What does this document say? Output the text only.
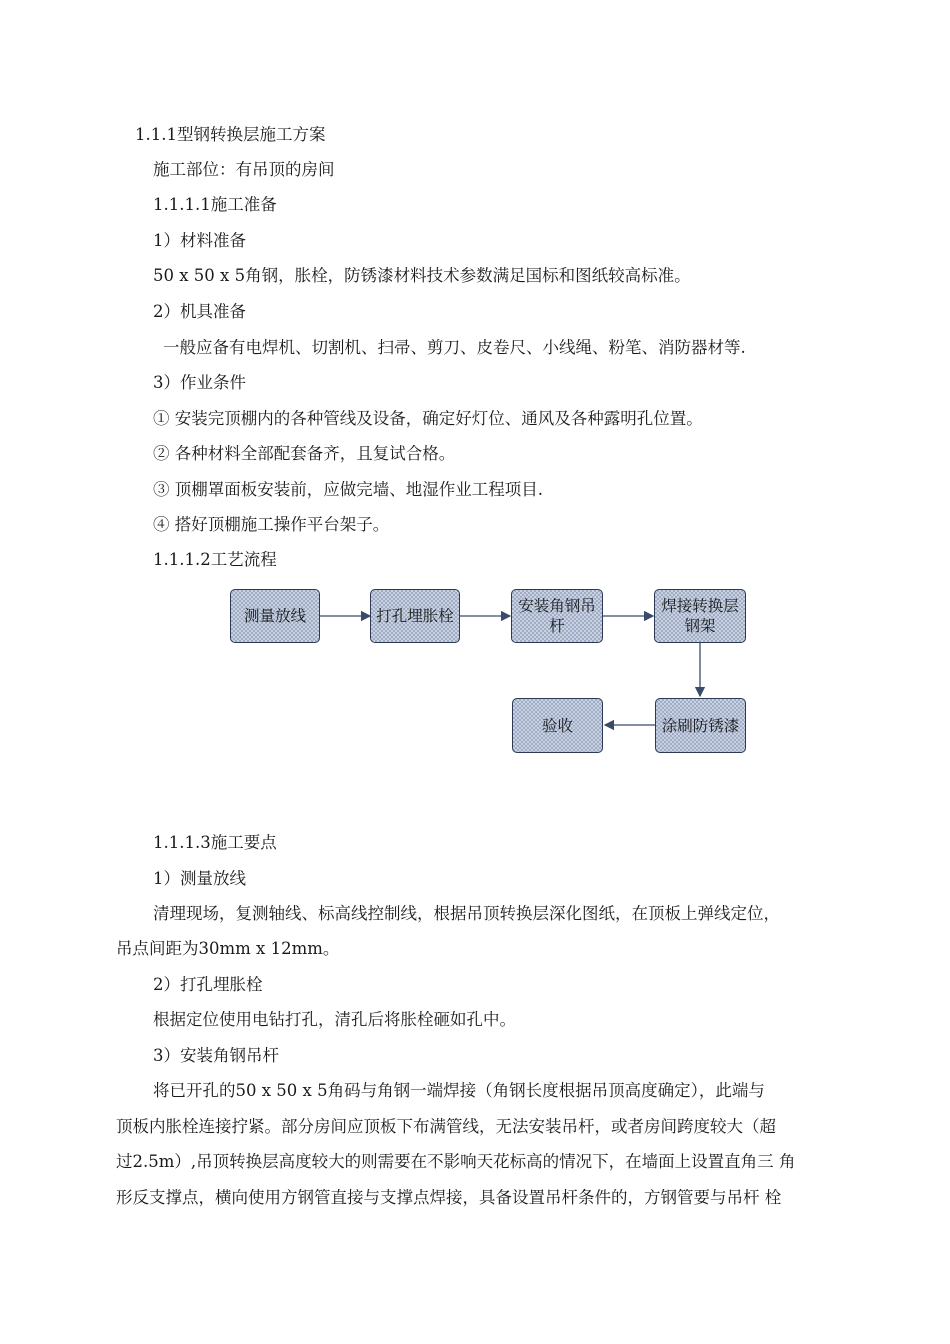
1.1.1型钢转换层施工方案
施工部位：有吊顶的房间
1.1.1.1施工准备
1）材料准备
50 x 50 x 5角钢，胀栓，防锈漆材料技术参数满足国标和图纸较高标准。
2）机具准备
一般应备有电焊机、切割机、扫帚、剪刀、皮卷尺、小线绳、粉笔、消防器材等.
3）作业条件
① 安装完顶棚内的各种管线及设备，确定好灯位、通风及各种露明孔位置。
② 各种材料全部配套备齐，且复试合格。
③ 顶棚罩面板安装前，应做完墙、地湿作业工程项目.
④ 搭好顶棚施工操作平台架子。
1.1.1.2工艺流程
测量放线	打孔埋胀栓
安装角钢吊杆
焊接转换层钢架
涂刷防锈漆
验收
1.1.1.3施工要点
1）测量放线
清理现场，复测轴线、标高线控制线，根据吊顶转换层深化图纸，在顶板上弹线定位，
吊点间距为30mm x 12mm。
2）打孔埋胀栓
根据定位使用电钻打孔，清孔后将胀栓砸如孔中。
3）安装角钢吊杆
将已开孔的50 x 50 x 5角码与角钢一端焊接（角钢长度根据吊顶高度确定），此端与
顶板内胀栓连接拧紧。部分房间应顶板下布满管线，无法安装吊杆，或者房间跨度较大（超
过2.5m）,吊顶转换层高度较大的则需要在不影响天花标高的情况下，在墙面上设置直角三 角
形反支撑点，横向使用方钢管直接与支撑点焊接，具备设置吊杆条件的，方钢管要与吊杆 栓
